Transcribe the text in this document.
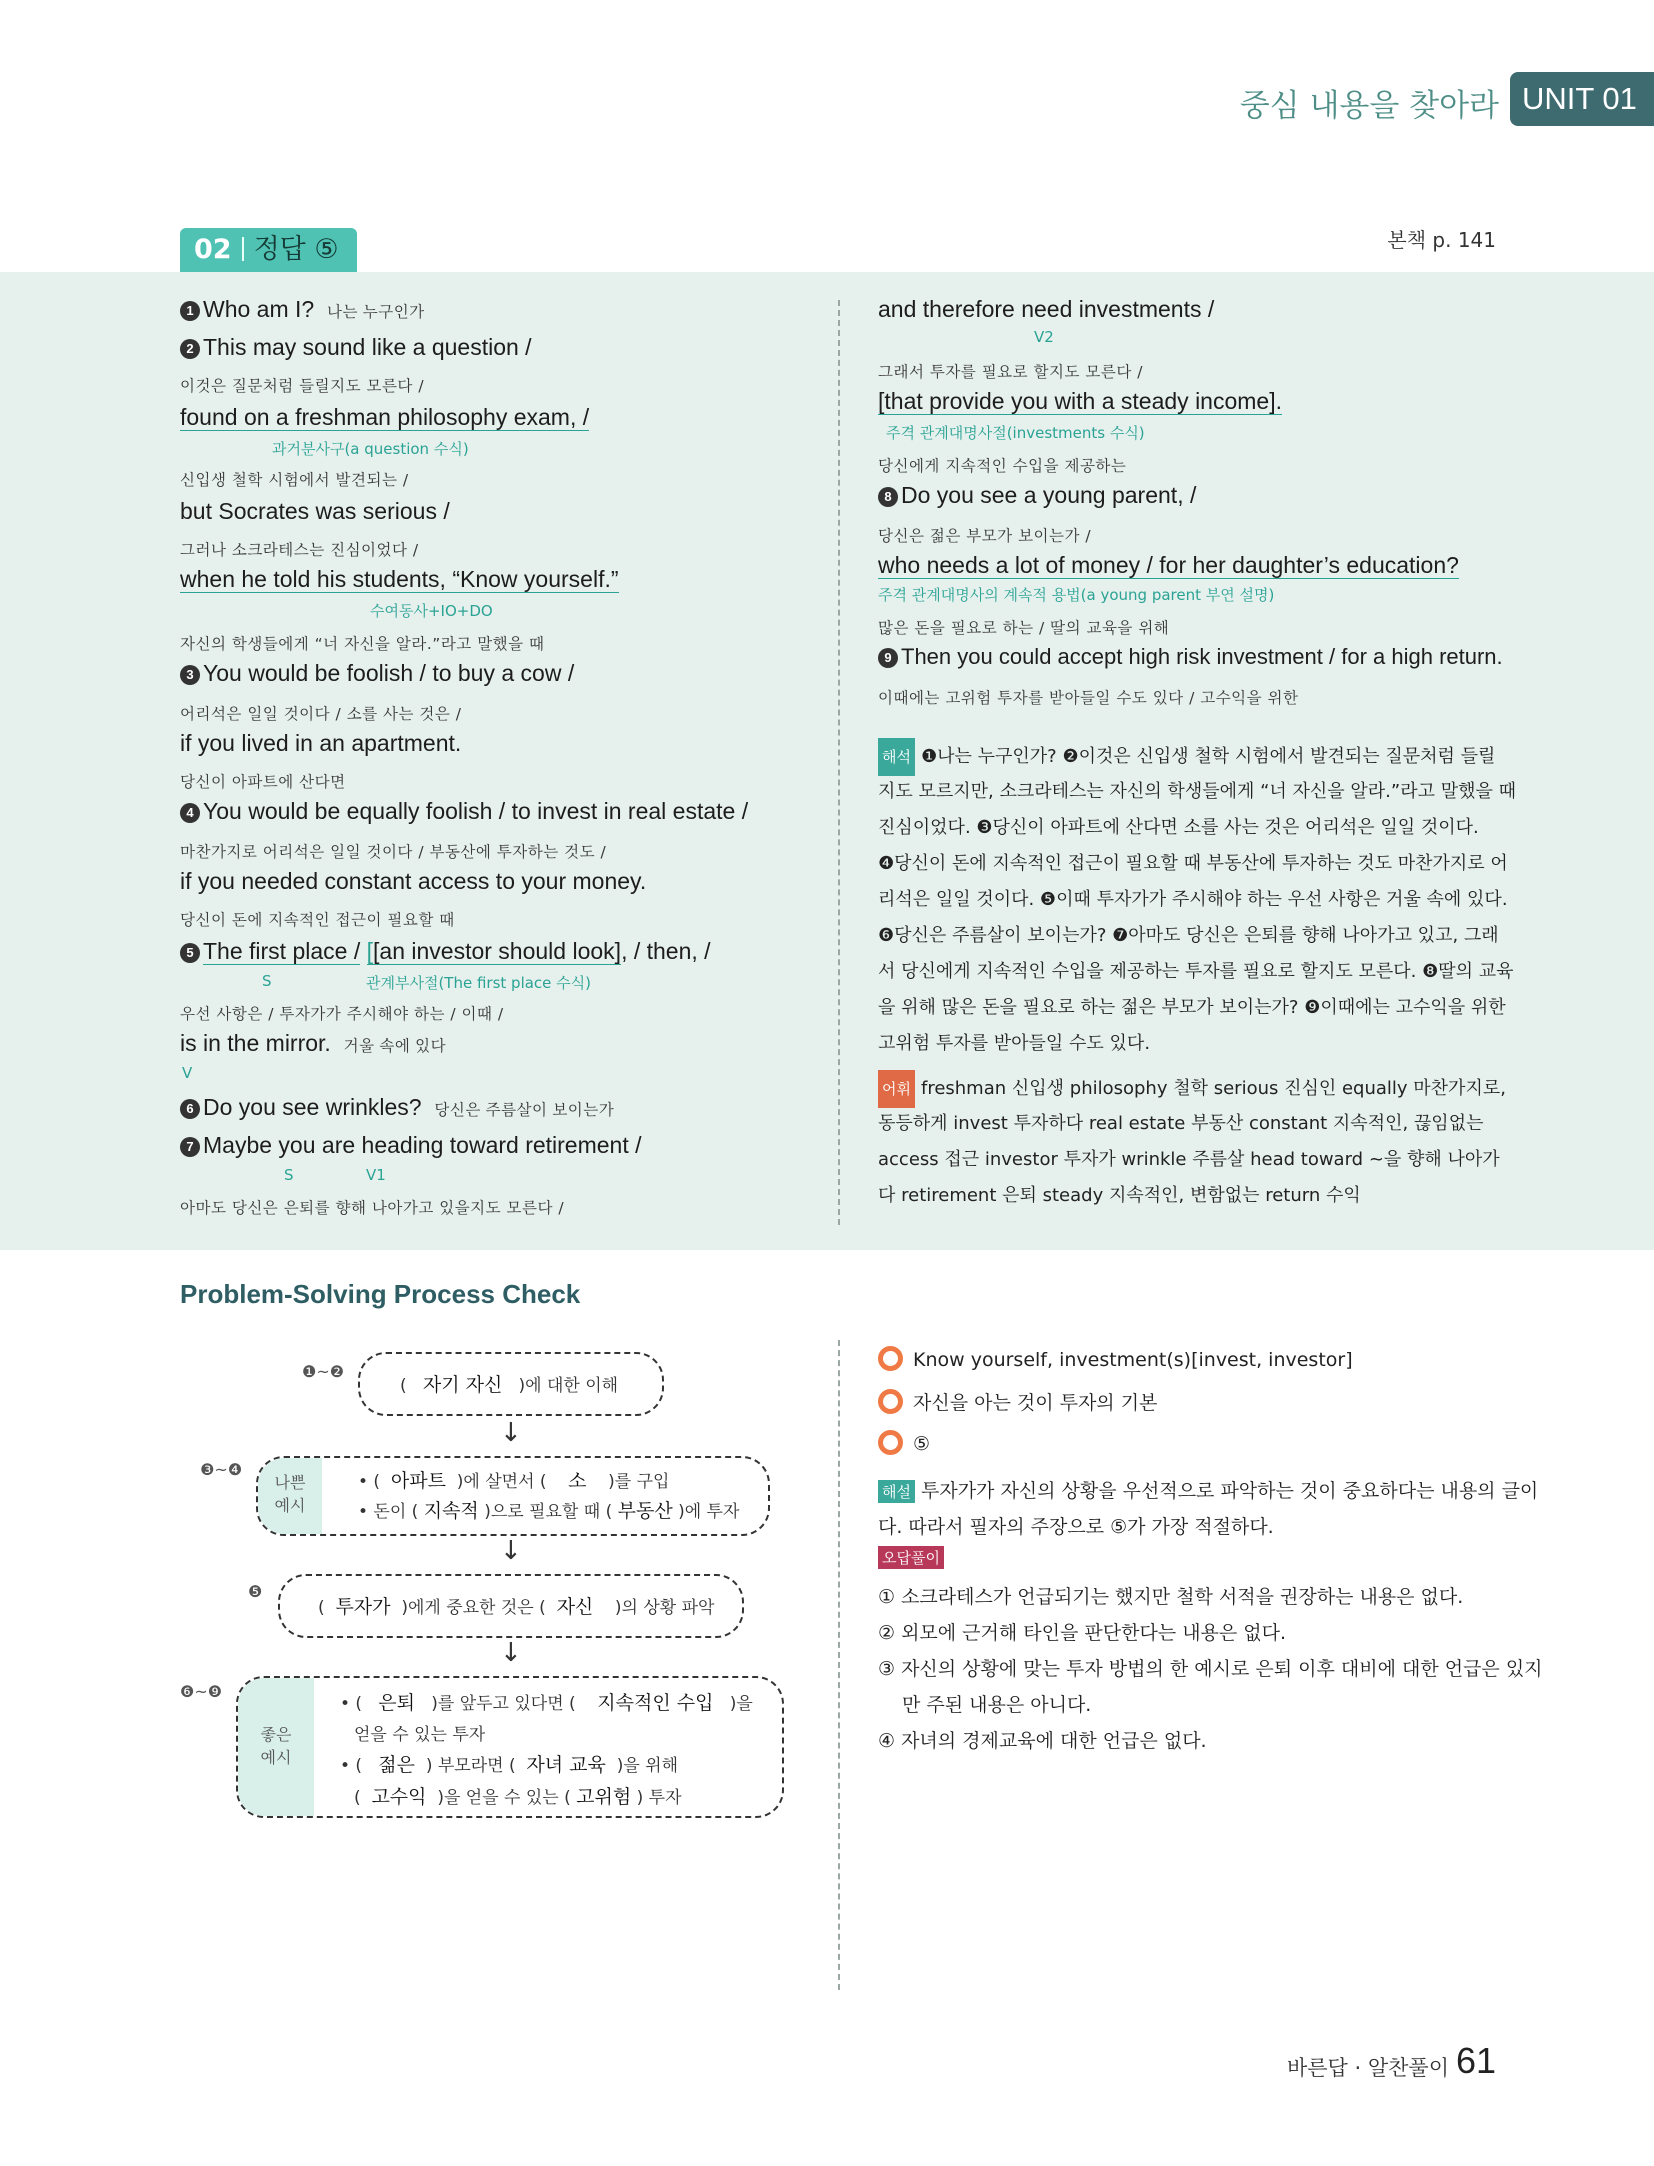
중심 내용을 찾아라 UNIT 01
02 정답 ⑤	본책 p. 141
1 Who am I? 나는 누구인가
2 This may sound like a question /
이것은 질문처럼 들릴지도 모른다 /
found on a freshman philosophy exam, /
과거분사구(a question 수식)
신입생 철학 시험에서 발견되는 /
but Socrates was serious /
그러나 소크라테스는 진심이었다 /
when he told his students, “Know yourself.”
수여동사+IO+DO
자신의 학생들에게 “너 자신을 알라.”라고 말했을 때
3 You would be foolish / to buy a cow /
어리석은 일일 것이다 / 소를 사는 것은 /
if you lived in an apartment.
당신이 아파트에 산다면
4 You would be equally foolish / to invest in real estate /
마찬가지로 어리석은 일일 것이다 / 부동산에 투자하는 것도 /
if you needed constant access to your money.
당신이 돈에 지속적인 접근이 필요할 때
5 The first place / [[an investor should look], / then, /
S	관계부사절(The first place 수식)
우선 사항은 / 투자가가 주시해야 하는 / 이때 /
is in the mirror. 거울 속에 있다
V
6 Do you see wrinkles? 당신은 주름살이 보이는가
7 Maybe you are heading toward retirement /
S	V1
아마도 당신은 은퇴를 향해 나아가고 있을지도 모른다 /
and therefore need investments /
V2
그래서 투자를 필요로 할지도 모른다 /
[that provide you with a steady income].
주격 관계대명사절(investments 수식)
당신에게 지속적인 수입을 제공하는
8 Do you see a young parent, /
당신은 젊은 부모가 보이는가 /
who needs a lot of money / for her daughter’s education?
주격 관계대명사의 계속적 용법(a young parent 부연 설명)
많은 돈을 필요로 하는 / 딸의 교육을 위해
9 Then you could accept high risk investment / for a high return.
이때에는 고위험 투자를 받아들일 수도 있다 / 고수익을 위한
해석 ❶나는 누구인가? ❷이것은 신입생 철학 시험에서 발견되는 질문처럼 들릴
지도 모르지만, 소크라테스는 자신의 학생들에게 “너 자신을 알라.”라고 말했을 때
진심이었다. ❸당신이 아파트에 산다면 소를 사는 것은 어리석은 일일 것이다.
❹당신이 돈에 지속적인 접근이 필요할 때 부동산에 투자하는 것도 마찬가지로 어
리석은 일일 것이다. ❺이때 투자가가 주시해야 하는 우선 사항은 거울 속에 있다.
❻당신은 주름살이 보이는가? ❼아마도 당신은 은퇴를 향해 나아가고 있고, 그래
서 당신에게 지속적인 수입을 제공하는 투자를 필요로 할지도 모른다. ❽딸의 교육
을 위해 많은 돈을 필요로 하는 젊은 부모가 보이는가? ❾이때에는 고수익을 위한
고위험 투자를 받아들일 수도 있다.
어휘 freshman 신입생 philosophy 철학 serious 진심인 equally 마찬가지로,
동등하게 invest 투자하다 real estate 부동산 constant 지속적인, 끊임없는
access 접근 investor 투자가 wrinkle 주름살 head toward ~을 향해 나아가
다 retirement 은퇴 steady 지속적인, 변함없는 return 수익
Problem-Solving Process Check
❶~❷
( 자기 자신 )에 대한 이해
↓
❸~❹
나쁜
예시
• ( 아파트 )에 살면서 ( 소 )를 구입
• 돈이 ( 지속적 )으로 필요할 때 ( 부동산 )에 투자
↓
❺
( 투자가 )에게 중요한 것은 ( 자신 )의 상황 파악
↓
❻~❾
좋은
예시
• ( 은퇴 )를 앞두고 있다면 ( 지속적인 수입 )을
얻을 수 있는 투자
• ( 젊은 ) 부모라면 ( 자녀 교육 )을 위해
( 고수익 )을 얻을 수 있는 ( 고위험 ) 투자
Know yourself, investment(s)[invest, investor]
자신을 아는 것이 투자의 기본
⑤
해설 투자가가 자신의 상황을 우선적으로 파악하는 것이 중요하다는 내용의 글이
다. 따라서 필자의 주장으로 ⑤가 가장 적절하다.
오답풀이
① 소크라테스가 언급되기는 했지만 철학 서적을 권장하는 내용은 없다.
② 외모에 근거해 타인을 판단한다는 내용은 없다.
③ 자신의 상황에 맞는 투자 방법의 한 예시로 은퇴 이후 대비에 대한 언급은 있지
만 주된 내용은 아니다.
④ 자녀의 경제교육에 대한 언급은 없다.
바른답 · 알찬풀이 61
